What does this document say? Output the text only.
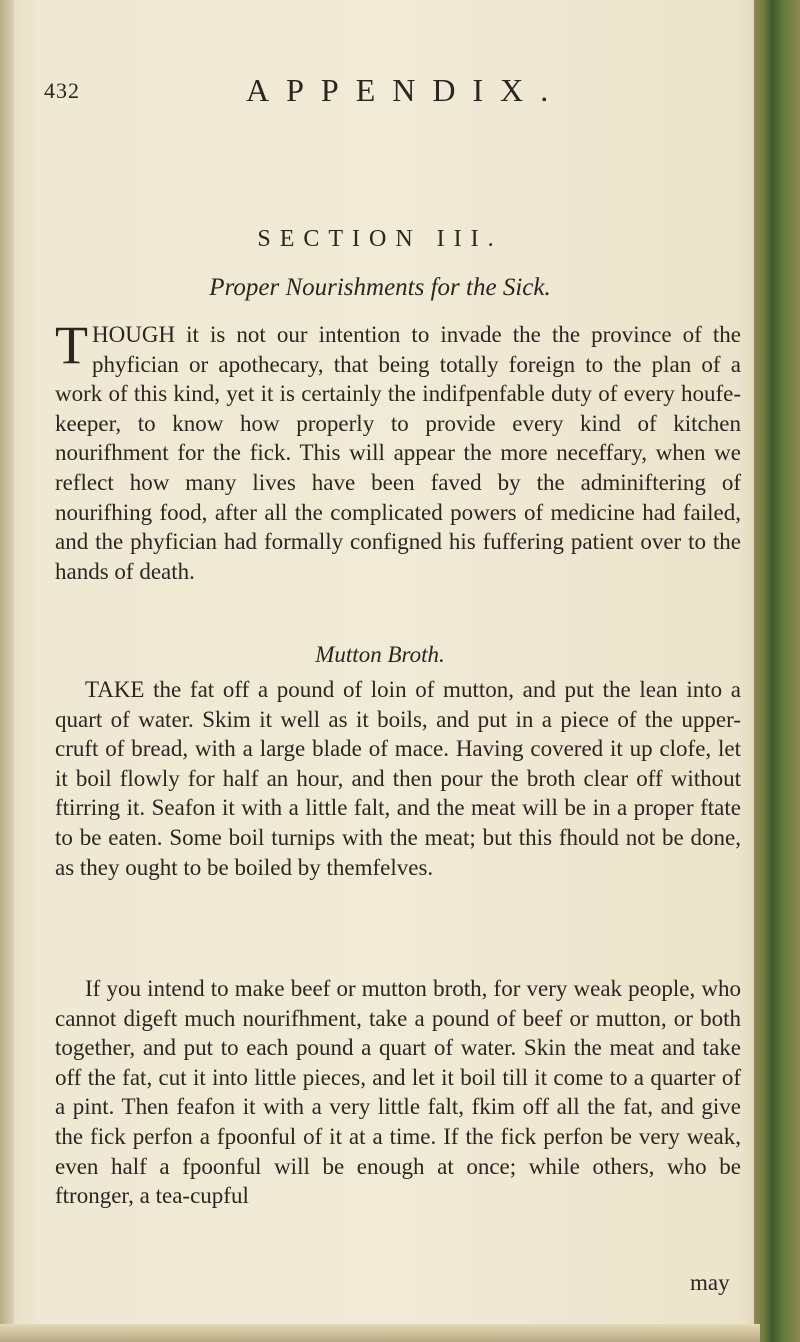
432	APPENDIX.
SECTION III.
Proper Nourishments for the Sick.
THOUGH it is not our intention to invade the the province of the phyfician or apothecary, that being totally foreign to the plan of a work of this kind, yet it is certainly the indifpenfable duty of every houfe-keeper, to know how properly to provide every kind of kitchen nourifhment for the fick. This will appear the more neceffary, when we reflect how many lives have been faved by the adminiftering of nourifhing food, after all the complicated powers of medicine had failed, and the phyfician had formally configned his fuffering patient over to the hands of death.
Mutton Broth.
TAKE the fat off a pound of loin of mutton, and put the lean into a quart of water. Skim it well as it boils, and put in a piece of the upper-cruft of bread, with a large blade of mace. Having covered it up clofe, let it boil flowly for half an hour, and then pour the broth clear off without ftirring it. Seafon it with a little falt, and the meat will be in a proper ftate to be eaten. Some boil turnips with the meat; but this fhould not be done, as they ought to be boiled by themfelves.
If you intend to make beef or mutton broth, for very weak people, who cannot digeft much nourifhment, take a pound of beef or mutton, or both together, and put to each pound a quart of water. Skin the meat and take off the fat, cut it into little pieces, and let it boil till it come to a quarter of a pint. Then feafon it with a very little falt, fkim off all the fat, and give the fick perfon a fpoonful of it at a time. If the fick perfon be very weak, even half a fpoonful will be enough at once; while others, who be ftronger, a tea-cupful
may
